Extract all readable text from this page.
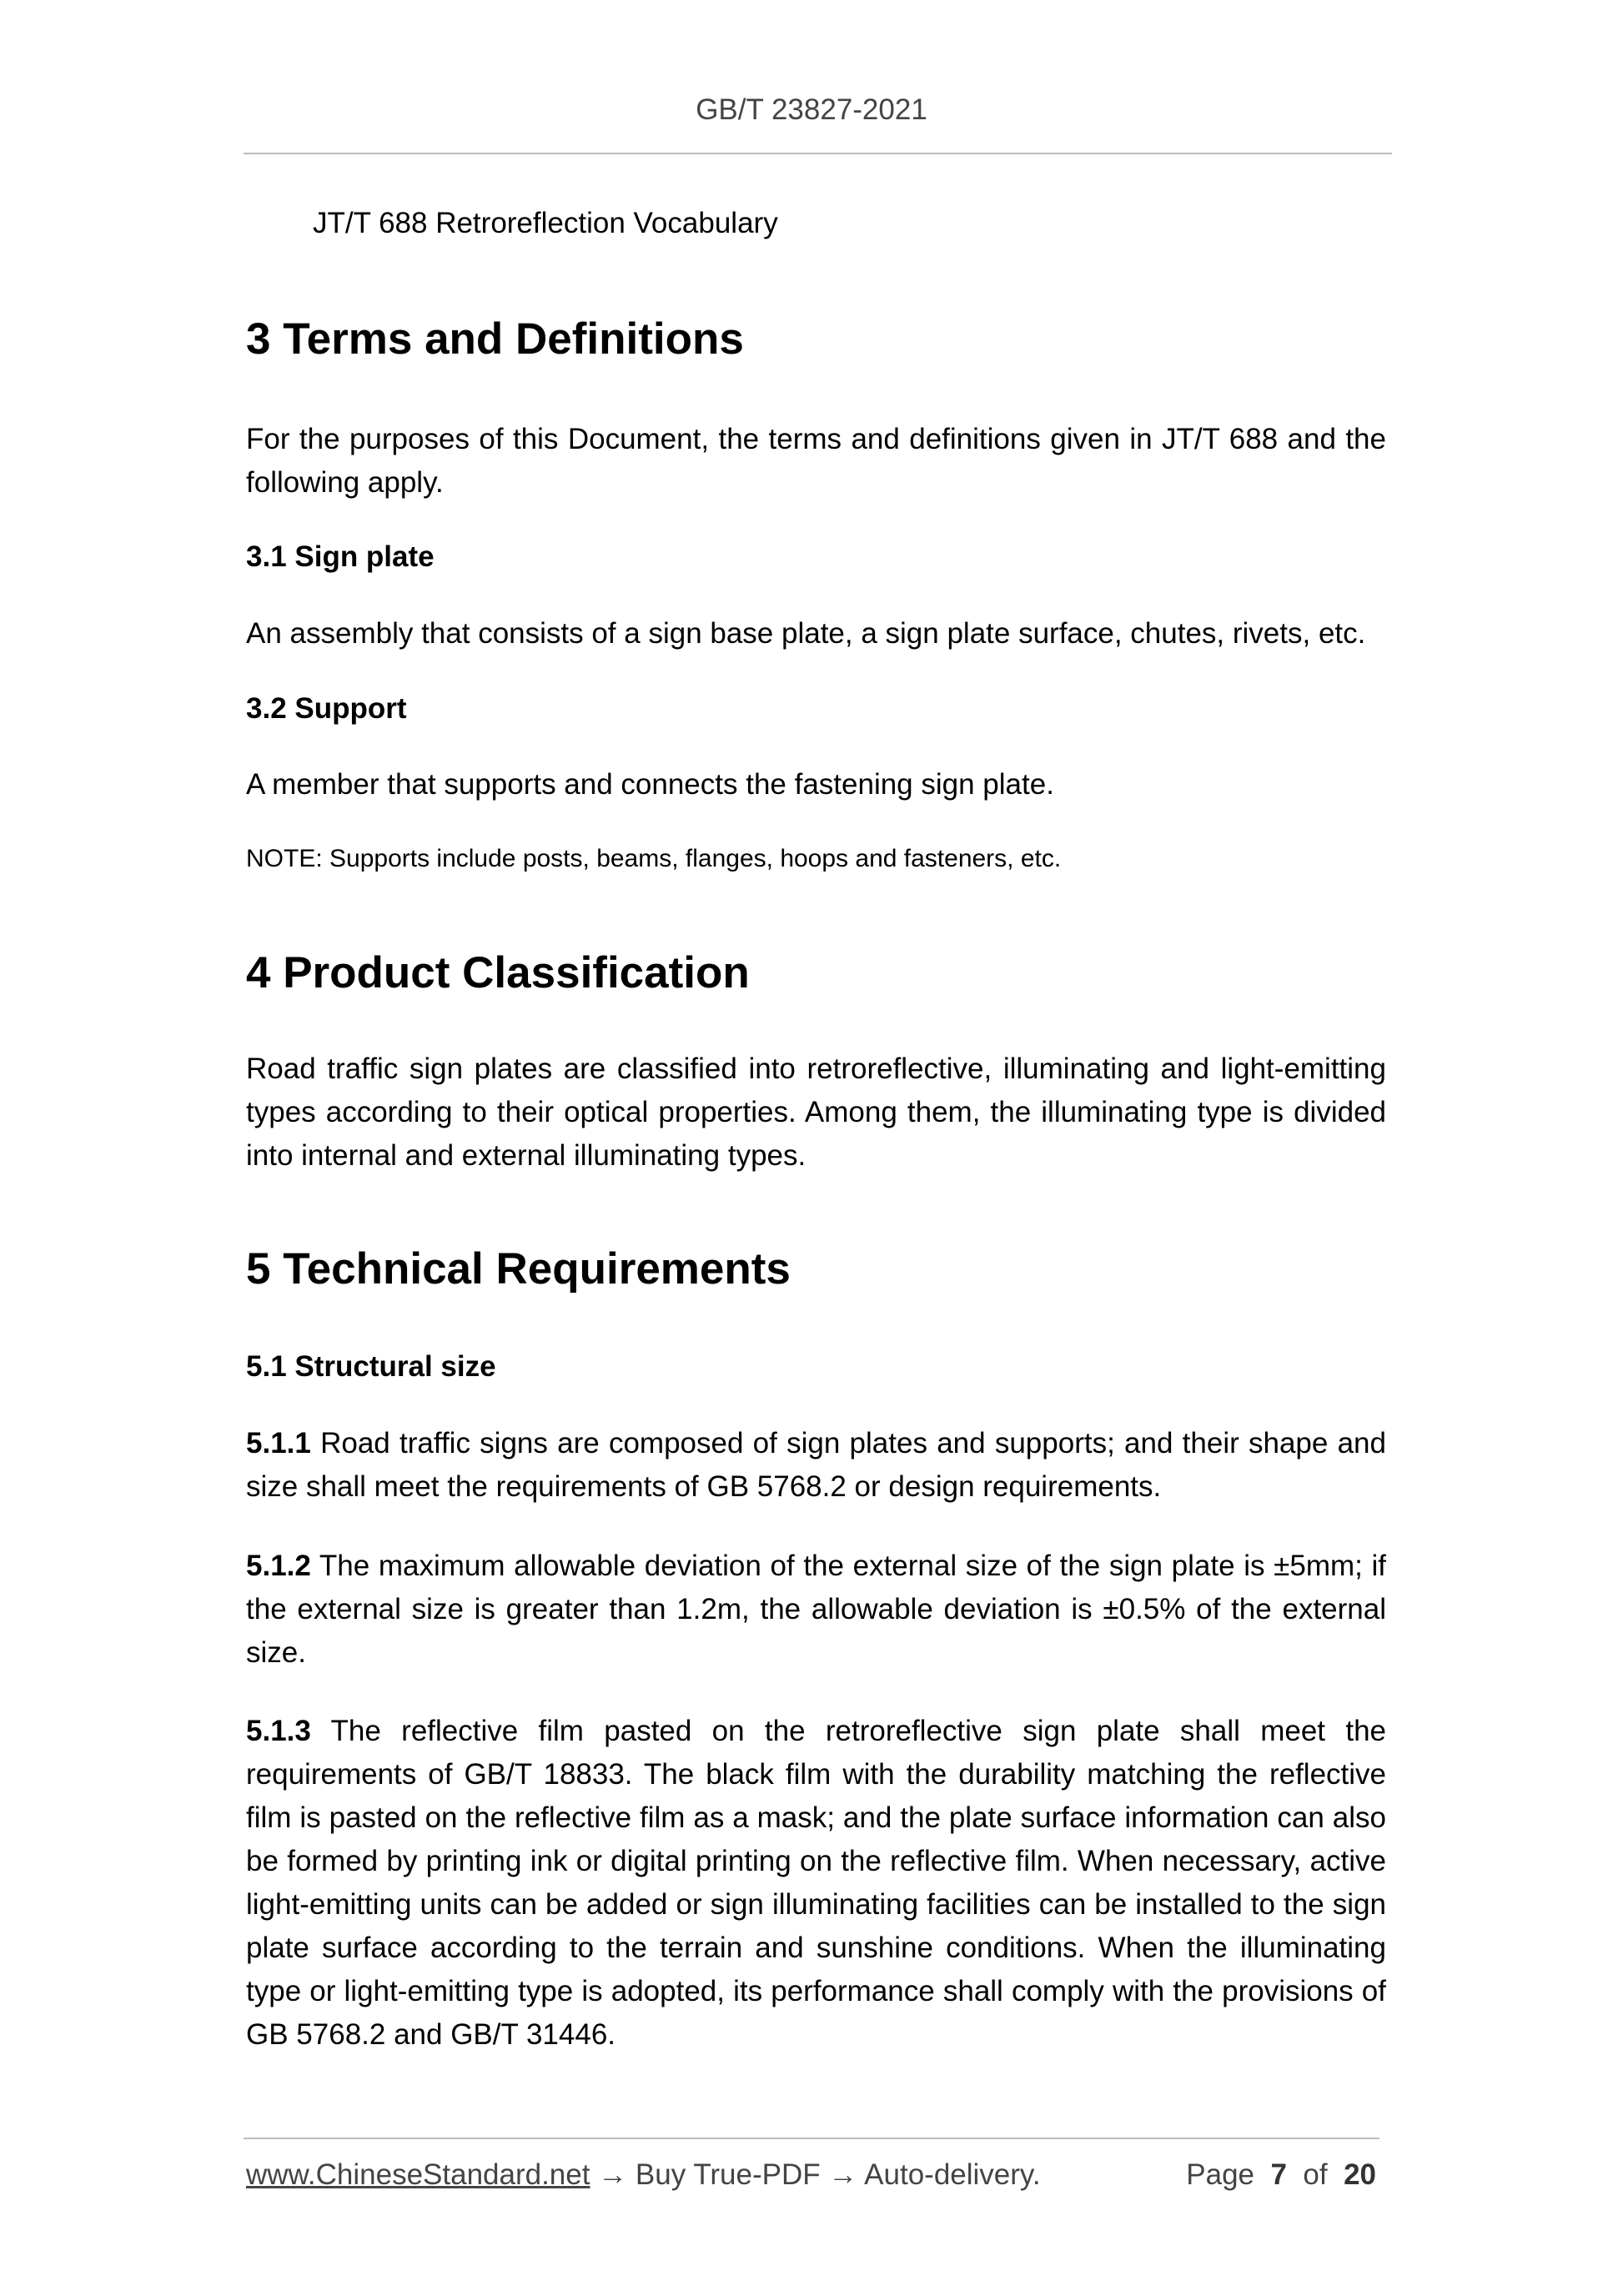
GB/T 23827-2021
JT/T 688 Retroreflection Vocabulary
3 Terms and Definitions

For the purposes of this Document, the terms and definitions given in JT/T 688 and the

following apply.

3.1 Sign plate

An assembly that consists of a sign base plate, a sign plate surface, chutes, rivets, etc.

3.2 Support

A member that supports and connects the fastening sign plate.

NOTE: Supports include posts, beams, flanges, hoops and fasteners, etc.

4 Product Classification

Road traffic sign plates are classified into retroreflective, illuminating and light-emitting types according to their optical properties. Among them, the illuminating type is divided into internal and external illuminating types.

5 Technical Requirements

5.1 Structural size

5.1.1 Road traffic signs are composed of sign plates and supports; and their shape and size shall meet the requirements of GB 5768.2 or design requirements.

5.1.2 The maximum allowable deviation of the external size of the sign plate is ±5mm; if the external size is greater than 1.2m, the allowable deviation is ±0.5% of the external size.

5.1.3 The reflective film pasted on the retroreflective sign plate shall meet the requirements of GB/T 18833. The black film with the durability matching the reflective film is pasted on the reflective film as a mask; and the plate surface information can also be formed by printing ink or digital printing on the reflective film. When necessary, active light-emitting units can be added or sign illuminating facilities can be installed to the sign plate surface according to the terrain and sunshine conditions. When the illuminating type or light-emitting type is adopted, its performance shall comply with the provisions of GB 5768.2 and GB/T 31446.

www.ChineseStandard.net → Buy True-PDF → Auto-delivery.	Page 7 of 20
